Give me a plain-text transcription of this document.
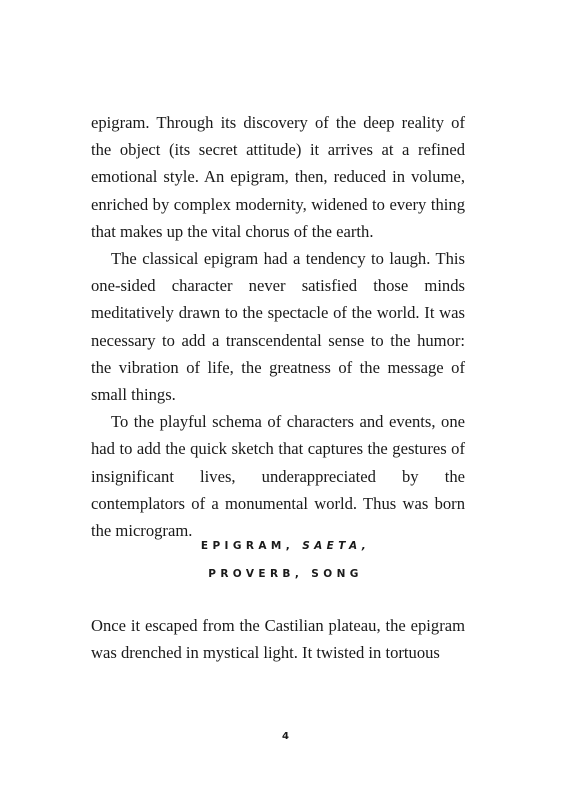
epigram. Through its discovery of the deep reality of the object (its secret attitude) it arrives at a refined emotional style. An epigram, then, reduced in volume, enriched by complex modernity, widened to every thing that makes up the vital chorus of the earth.

The classical epigram had a tendency to laugh. This one-sided character never satisfied those minds meditatively drawn to the spectacle of the world. It was necessary to add a transcendental sense to the humor: the vibration of life, the greatness of the message of small things.

To the playful schema of characters and events, one had to add the quick sketch that captures the gestures of insignificant lives, underappreciated by the contemplators of a monumental world. Thus was born the microgram.

EPIGRAM, SAETA,
PROVERB, SONG

Once it escaped from the Castilian plateau, the epigram was drenched in mystical light. It twisted in tortuous

4
